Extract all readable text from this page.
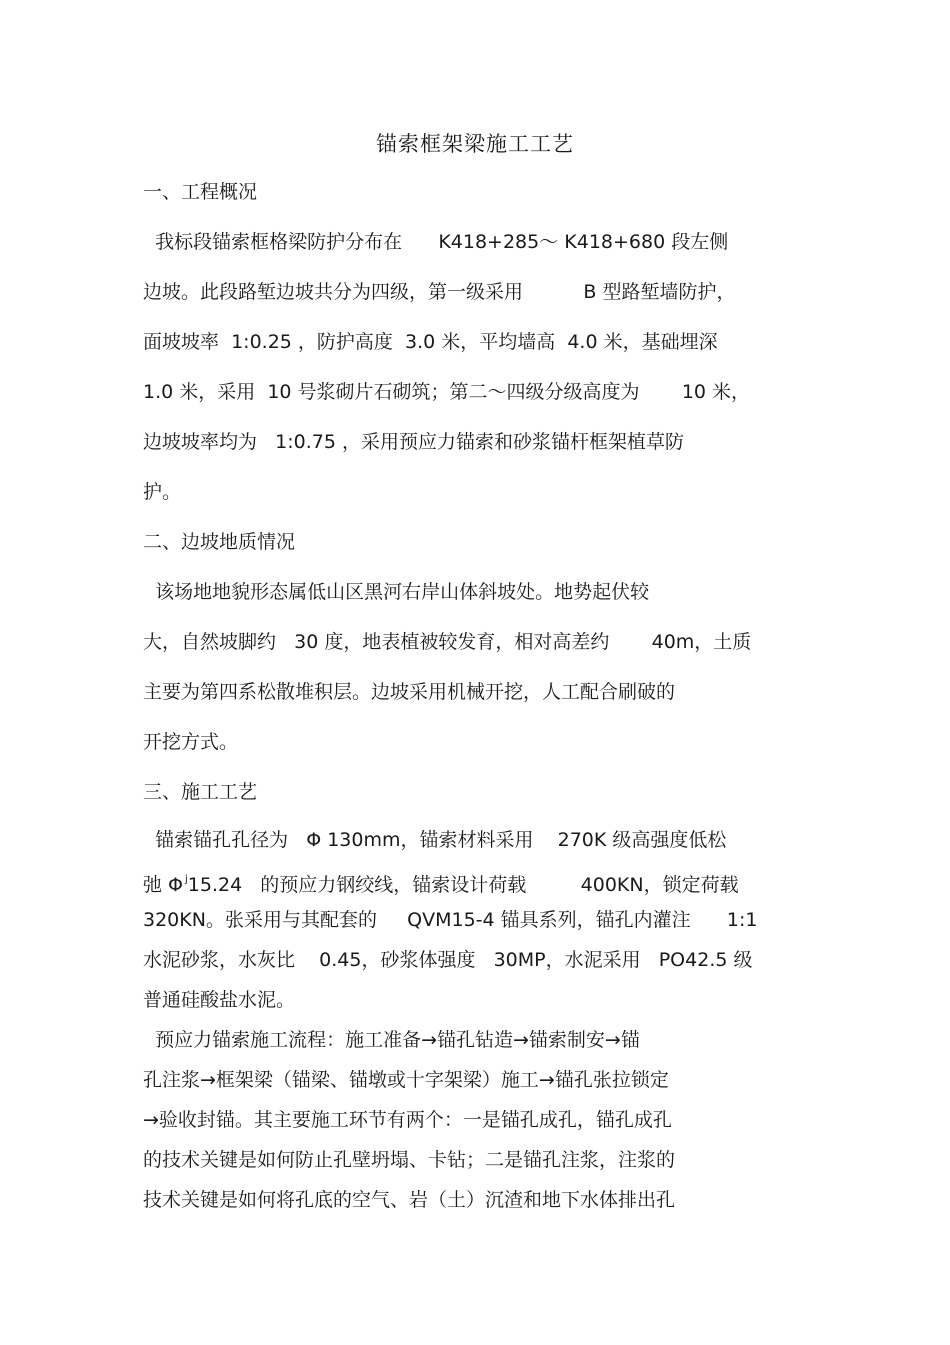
锚索框架梁施工工艺
一、工程概况
我标段锚索框格梁防护分布在      K418+285～ K418+680 段左侧
边坡。此段路堑边坡共分为四级，第一级采用          B 型路堑墙防护，
面坡坡率  1:0.25 ，防护高度  3.0 米，平均墙高  4.0 米，基础埋深
1.0 米，采用  10 号浆砌片石砌筑；第二～四级分级高度为       10 米，
边坡坡率均为   1:0.75 ，采用预应力锚索和砂浆锚杆框架植草防
护。
二、边坡地质情况
该场地地貌形态属低山区黑河右岸山体斜坡处。地势起伏较
大，自然坡脚约   30 度，地表植被较发育，相对高差约       40m，土质
主要为第四系松散堆积层。边坡采用机械开挖，人工配合刷破的
开挖方式。
三、施工工艺
锚索锚孔孔径为   Φ 130mm，锚索材料采用    270K 级高强度低松
弛 Φ $^j$15.24   的预应力钢绞线，锚索设计荷载         400KN，锁定荷载
320KN。张采用与其配套的     QVM15-4 锚具系列，锚孔内灌注      1:1
水泥砂浆，水灰比    0.45，砂浆体强度   30MP，水泥采用   PO42.5 级
普通硅酸盐水泥。
预应力锚索施工流程：施工准备→锚孔钻造→锚索制安→锚
孔注浆→框架梁（锚梁、锚墩或十字架梁）施工→锚孔张拉锁定
→验收封锚。其主要施工环节有两个：一是锚孔成孔，锚孔成孔
的技术关键是如何防止孔壁坍塌、卡钻；二是锚孔注浆，注浆的
技术关键是如何将孔底的空气、岩（土）沉渣和地下水体排出孔
